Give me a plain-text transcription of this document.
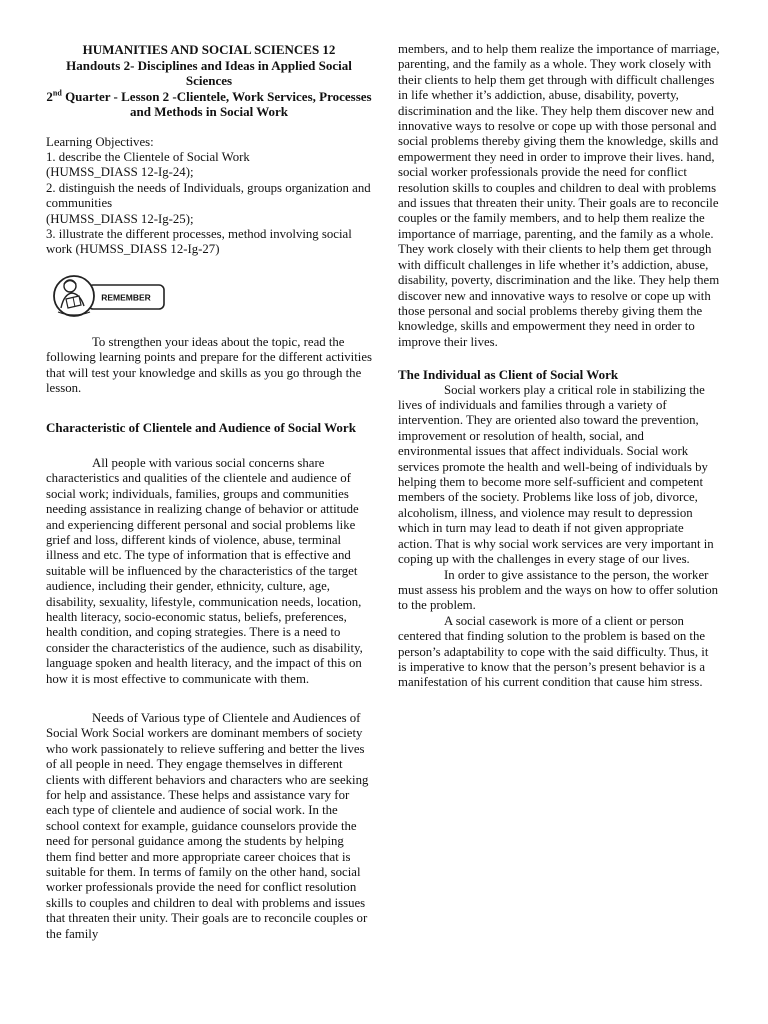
HUMANITIES AND SOCIAL SCIENCES 12
Handouts 2- Disciplines and Ideas in Applied Social Sciences
2nd Quarter - Lesson 2 -Clientele, Work Services, Processes and Methods in Social Work
Learning Objectives:
1. describe the Clientele of Social Work
(HUMSS_DIASS 12-Ig-24);
2. distinguish the needs of Individuals, groups organization and communities
(HUMSS_DIASS 12-Ig-25);
3. illustrate the different processes, method involving social work (HUMSS_DIASS 12-Ig-27)
REMEMBER

To strengthen your ideas about the topic, read the following learning points and prepare for the different activities that will test your knowledge and skills as you go through the lesson.

Characteristic of Clientele and Audience of Social Work

All people with various social concerns share characteristics and qualities of the clientele and audience of social work; individuals, families, groups and communities needing assistance in realizing change of behavior or attitude and experiencing different personal and social problems like grief and loss, different kinds of violence, abuse, terminal illness and etc. The type of information that is effective and suitable will be influenced by the characteristics of the target audience, including their gender, ethnicity, culture, age, disability, sexuality, lifestyle, communication needs, location, health literacy, socio-economic status, beliefs, preferences, health condition, and coping strategies. There is a need to consider the characteristics of the audience, such as disability, language spoken and health literacy, and the impact of this on how it is most effective to communicate with them.

Needs of Various type of Clientele and Audiences of Social Work Social workers are dominant members of society who work passionately to relieve suffering and better the lives of all people in need. They engage themselves in different clients with different behaviors and characters who are seeking for help and assistance. These helps and assistance vary for each type of clientele and audience of social work. In the school context for example, guidance counselors provide the need for personal guidance among the students by helping them find better and more appropriate career choices that is suitable for them. In terms of family on the other hand, social worker professionals provide the need for conflict resolution skills to couples and children to deal with problems and issues that threaten their unity. Their goals are to reconcile couples or the family

members, and to help them realize the importance of marriage, parenting, and the family as a whole. They work closely with their clients to help them get through with difficult challenges in life whether it’s addiction, abuse, disability, poverty, discrimination and the like. They help them discover new and innovative ways to resolve or cope up with those personal and social problems thereby giving them the knowledge, skills and empowerment they need in order to improve their lives. hand, social worker professionals provide the need for conflict resolution skills to couples and children to deal with problems and issues that threaten their unity. Their goals are to reconcile couples or the family members, and to help them realize the importance of marriage, parenting, and the family as a whole. They work closely with their clients to help them get through with difficult challenges in life whether it’s addiction, abuse, disability, poverty, discrimination and the like. They help them

discover new and innovative ways to resolve or cope up with those personal and social problems thereby giving them the knowledge, skills and empowerment they need in order to improve their lives.

The Individual as Client of Social Work

Social workers play a critical role in stabilizing the lives of individuals and families through a variety of intervention. They are oriented also toward the prevention, improvement or resolution of health, social, and environmental issues that affect individuals. Social work services promote the health and well-being of individuals by helping them to become more self-sufficient and competent members of the society. Problems like loss of job, divorce, alcoholism, illness, and violence may result to depression which in turn may lead to death if not given appropriate action. That is why social work services are very important in coping up with the challenges in every stage of our lives.

In order to give assistance to the person, the worker must assess his problem and the ways on how to offer solution to the problem.

A social casework is more of a client or person centered that finding solution to the problem is based on the person’s adaptability to cope with the said difficulty. Thus, it is imperative to know that the person’s present behavior is a manifestation of his current condition that cause him stress.
